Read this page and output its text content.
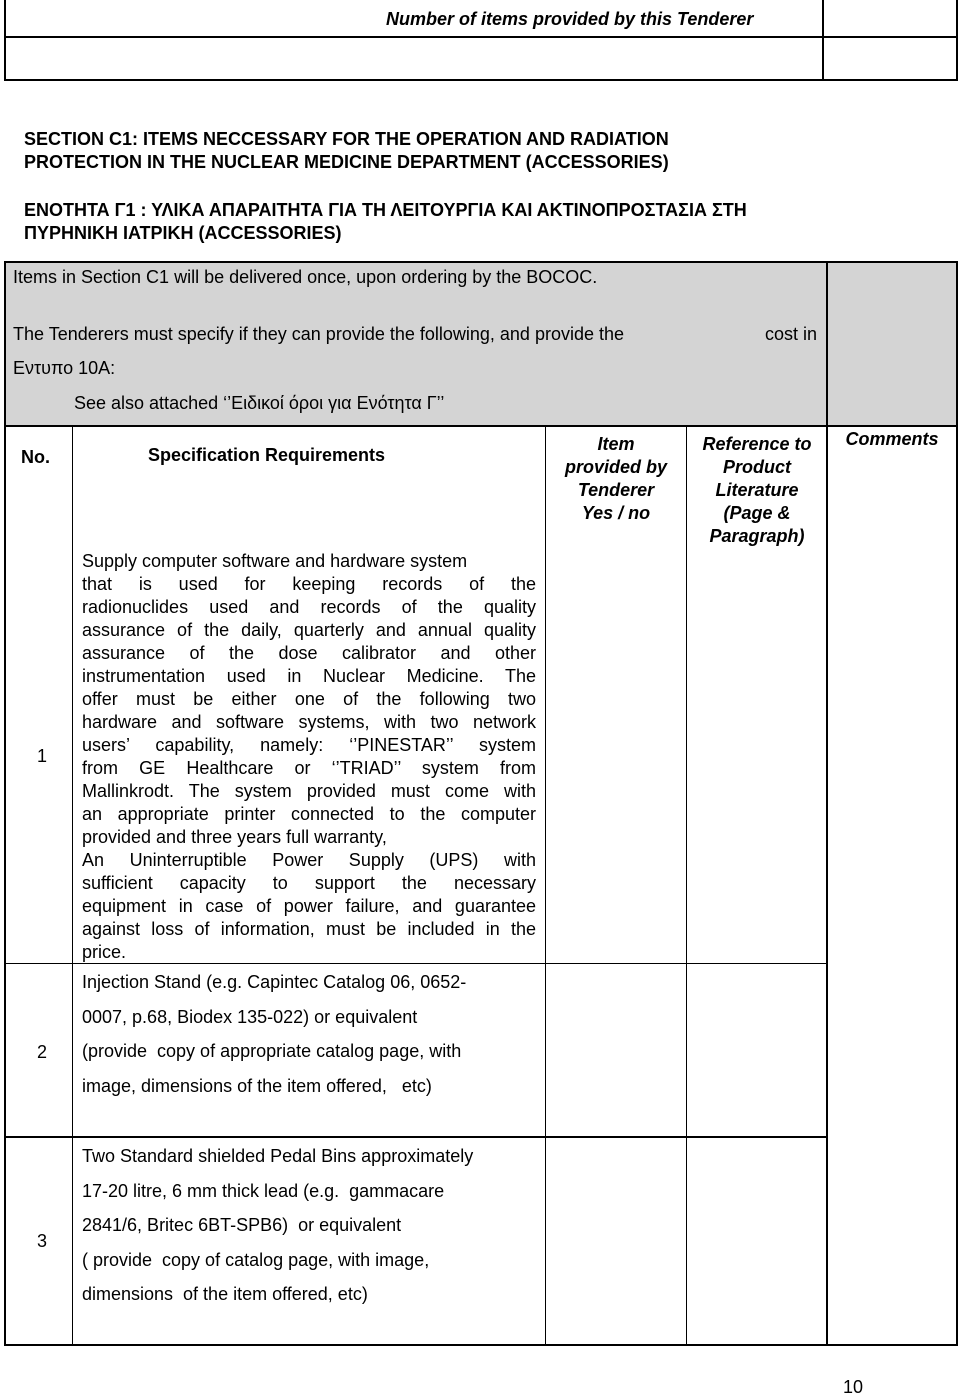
Number of items provided by this Tenderer
SECTION C1: ITEMS NECCESSARY FOR THE OPERATION AND RADIATION
PROTECTION IN THE NUCLEAR MEDICINE DEPARTMENT (ACCESSORIES)
ΕΝΟΤΗΤΑ Γ1 : ΥΛΙΚΑ ΑΠΑΡΑΙΤΗΤΑ ΓΙΑ ΤΗ ΛΕΙΤΟΥΡΓΙΑ ΚΑΙ ΑΚΤΙΝΟΠΡΟΣΤΑΣΙΑ ΣΤΗ
ΠΥΡΗΝΙΚΗ ΙΑΤΡΙΚΗ (ACCESSORIES)
Items in Section C1 will be delivered once, upon ordering by the BOCOC.
The Tenderers must specify if they can provide the following, and provide the	cost in
Εντυπο 10Α:
See also attached ‘’Ειδικοί όροι για Ενότητα Γ’’
No.	Specification Requirements
Item
provided by
Tenderer
Yes / no
Reference to
Product
Literature
(Page &
Paragraph)
Comments
1

Supply computer software and hardware system

that is used for keeping records of the

radionuclides used and records of the quality

assurance of the daily, quarterly and annual quality

assurance of the dose calibrator and other

instrumentation used in Nuclear Medicine. The

offer must be either one of the following two

hardware and software systems, with two network

users’ capability, namely: ‘’PINESTAR’’ system

from GE Healthcare or ‘’TRIAD’’ system from

Mallinkrodt. The system provided must come with

an appropriate printer connected to the computer

provided and three years full warranty,

An Uninterruptible Power Supply (UPS) with

sufficient capacity to support the necessary

equipment in case of power failure, and guarantee

against loss of information, must be included in the

price.

2

Injection Stand (e.g. Capintec Catalog 06, 0652-

0007, p.68, Biodex 135-022) or equivalent

(provide  copy of appropriate catalog page, with

image, dimensions of the item offered,   etc)

3

Two Standard shielded Pedal Bins approximately

17-20 litre, 6 mm thick lead (e.g.  gammacare

2841/6, Britec 6BT-SPB6)  or equivalent

( provide  copy of catalog page, with image,

dimensions  of the item offered, etc)

10
